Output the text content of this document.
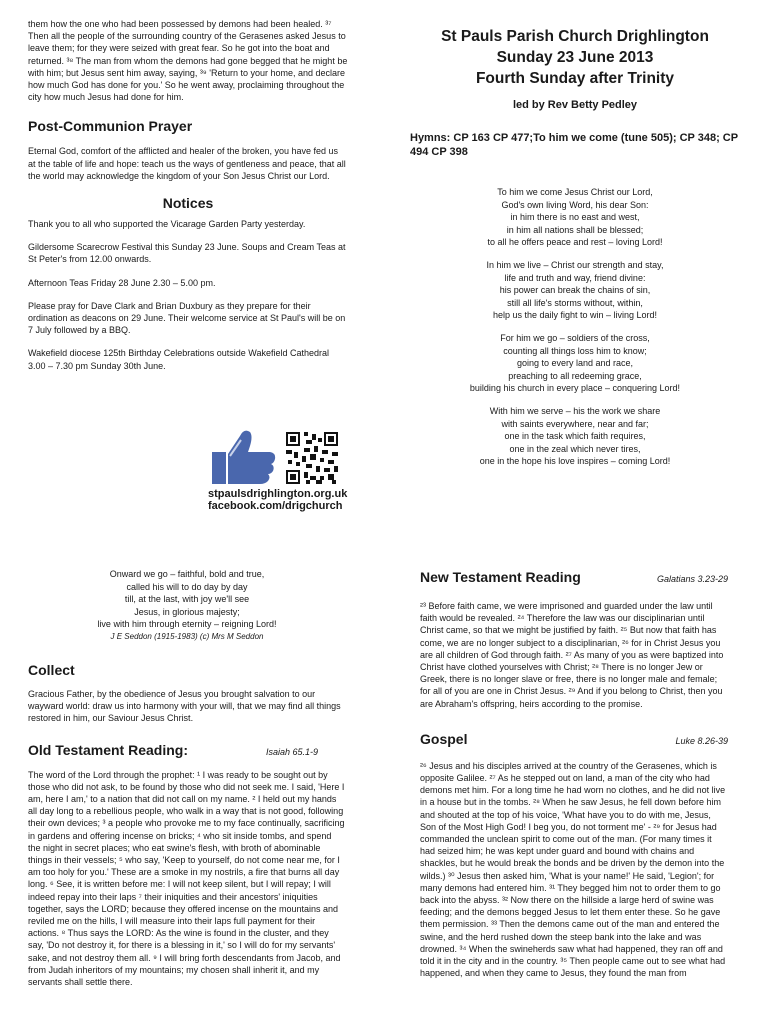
them how the one who had been possessed by demons had been healed. ³⁷ Then all the people of the surrounding country of the Gerasenes asked Jesus to leave them; for they were seized with great fear. So he got into the boat and returned. ³⁸ The man from whom the demons had gone begged that he might be with him; but Jesus sent him away, saying, ³⁹ 'Return to your home, and declare how much God has done for you.' So he went away, proclaiming throughout the city how much Jesus had done for him.

Post-Communion Prayer

Eternal God, comfort of the afflicted and healer of the broken, you have fed us at the table of life and hope: teach us the ways of gentleness and peace, that all the world may acknowledge the kingdom of your Son Jesus Christ our Lord.

Notices

Thank you to all who supported the Vicarage Garden Party yesterday.

Gildersome Scarecrow Festival this Sunday 23 June. Soups and Cream Teas at St Peter's from 12.00 onwards.

Afternoon Teas Friday 28 June 2.30 – 5.00 pm.

Please pray for Dave Clark and Brian Duxbury as they prepare for their ordination as deacons on 29 June. Their welcome service at St Paul's will be on 7 July followed by a BBQ.

Wakefield diocese 125th Birthday Celebrations outside Wakefield Cathedral 3.00 – 7.30 pm Sunday 30th June.

stpaulsdrighlington.org.uk
facebook.com/drigchurch
St Pauls Parish Church Drighlington
Sunday 23 June 2013
Fourth Sunday after Trinity
led by Rev Betty Pedley
Hymns: CP 163 CP 477;To him we come (tune 505); CP 348; CP 494 CP 398

To him we come Jesus Christ our Lord,
God's own living Word, his dear Son:
in him there is no east and west,
in him all nations shall be blessed;
to all he offers peace and rest – loving Lord!

In him we live – Christ our strength and stay,
life and truth and way, friend divine:
his power can break the chains of sin,
still all life's storms without, within,
help us the daily fight to win – living Lord!

For him we go – soldiers of the cross,
counting all things loss him to know;
going to every land and race,
preaching to all redeeming grace,
building his church in every place – conquering Lord!

With him we serve – his the work we share
with saints everywhere, near and far;
one in the task which faith requires,
one in the zeal which never tires,
one in the hope his love inspires – coming Lord!

Onward we go – faithful, bold and true,
called his will to do day by day
till, at the last, with joy we'll see
Jesus, in glorious majesty;
live with him through eternity – reigning Lord!
J E Seddon (1915-1983) (c) Mrs M Seddon
Collect

Gracious Father, by the obedience of Jesus you brought salvation to our wayward world: draw us into harmony with your will, that we may find all things restored in him, our Saviour Jesus Christ.

Old Testament Reading:	Isaiah 65.1-9

The word of the Lord through the prophet: ¹ I was ready to be sought out by those who did not ask, to be found by those who did not seek me. I said, 'Here I am, here I am,' to a nation that did not call on my name. ² I held out my hands all day long to a rebellious people, who walk in a way that is not good, following their own devices; ³ a people who provoke me to my face continually, sacrificing in gardens and offering incense on bricks; ⁴ who sit inside tombs, and spend the night in secret places; who eat swine's flesh, with broth of abominable things in their vessels; ⁵ who say, 'Keep to yourself, do not come near me, for I am too holy for you.' These are a smoke in my nostrils, a fire that burns all day long. ⁶ See, it is written before me: I will not keep silent, but I will repay; I will indeed repay into their laps ⁷ their iniquities and their ancestors' iniquities together, says the LORD; because they offered incense on the mountains and reviled me on the hills, I will measure into their laps full payment for their actions. ⁸ Thus says the LORD: As the wine is found in the cluster, and they say, 'Do not destroy it, for there is a blessing in it,' so I will do for my servants' sake, and not destroy them all. ⁹ I will bring forth descendants from Jacob, and from Judah inheritors of my mountains; my chosen shall inherit it, and my servants shall settle there.

New Testament Reading	Galatians 3.23-29

²³ Before faith came, we were imprisoned and guarded under the law until faith would be revealed. ²⁴ Therefore the law was our disciplinarian until Christ came, so that we might be justified by faith. ²⁵ But now that faith has come, we are no longer subject to a disciplinarian, ²⁶ for in Christ Jesus you are all children of God through faith. ²⁷ As many of you as were baptized into Christ have clothed yourselves with Christ; ²⁸ There is no longer Jew or Greek, there is no longer slave or free, there is no longer male and female; for all of you are one in Christ Jesus. ²⁹ And if you belong to Christ, then you are Abraham's offspring, heirs according to the promise.

Gospel	Luke 8.26-39

²⁶ Jesus and his disciples arrived at the country of the Gerasenes, which is opposite Galilee. ²⁷ As he stepped out on land, a man of the city who had demons met him. For a long time he had worn no clothes, and he did not live in a house but in the tombs. ²⁸ When he saw Jesus, he fell down before him and shouted at the top of his voice, 'What have you to do with me, Jesus, Son of the Most High God! I beg you, do not torment me' - ²⁹ for Jesus had commanded the unclean spirit to come out of the man. (For many times it had seized him; he was kept under guard and bound with chains and shackles, but he would break the bonds and be driven by the demon into the wilds.) ³⁰ Jesus then asked him, 'What is your name!' He said, 'Legion'; for many demons had entered him. ³¹ They begged him not to order them to go back into the abyss. ³² Now there on the hillside a large herd of swine was feeding; and the demons begged Jesus to let them enter these. So he gave them permission. ³³ Then the demons came out of the man and entered the swine, and the herd rushed down the steep bank into the lake and was drowned. ³⁴ When the swineherds saw what had happened, they ran off and told it in the city and in the country. ³⁵ Then people came out to see what had happened, and when they came to Jesus, they found the man from
